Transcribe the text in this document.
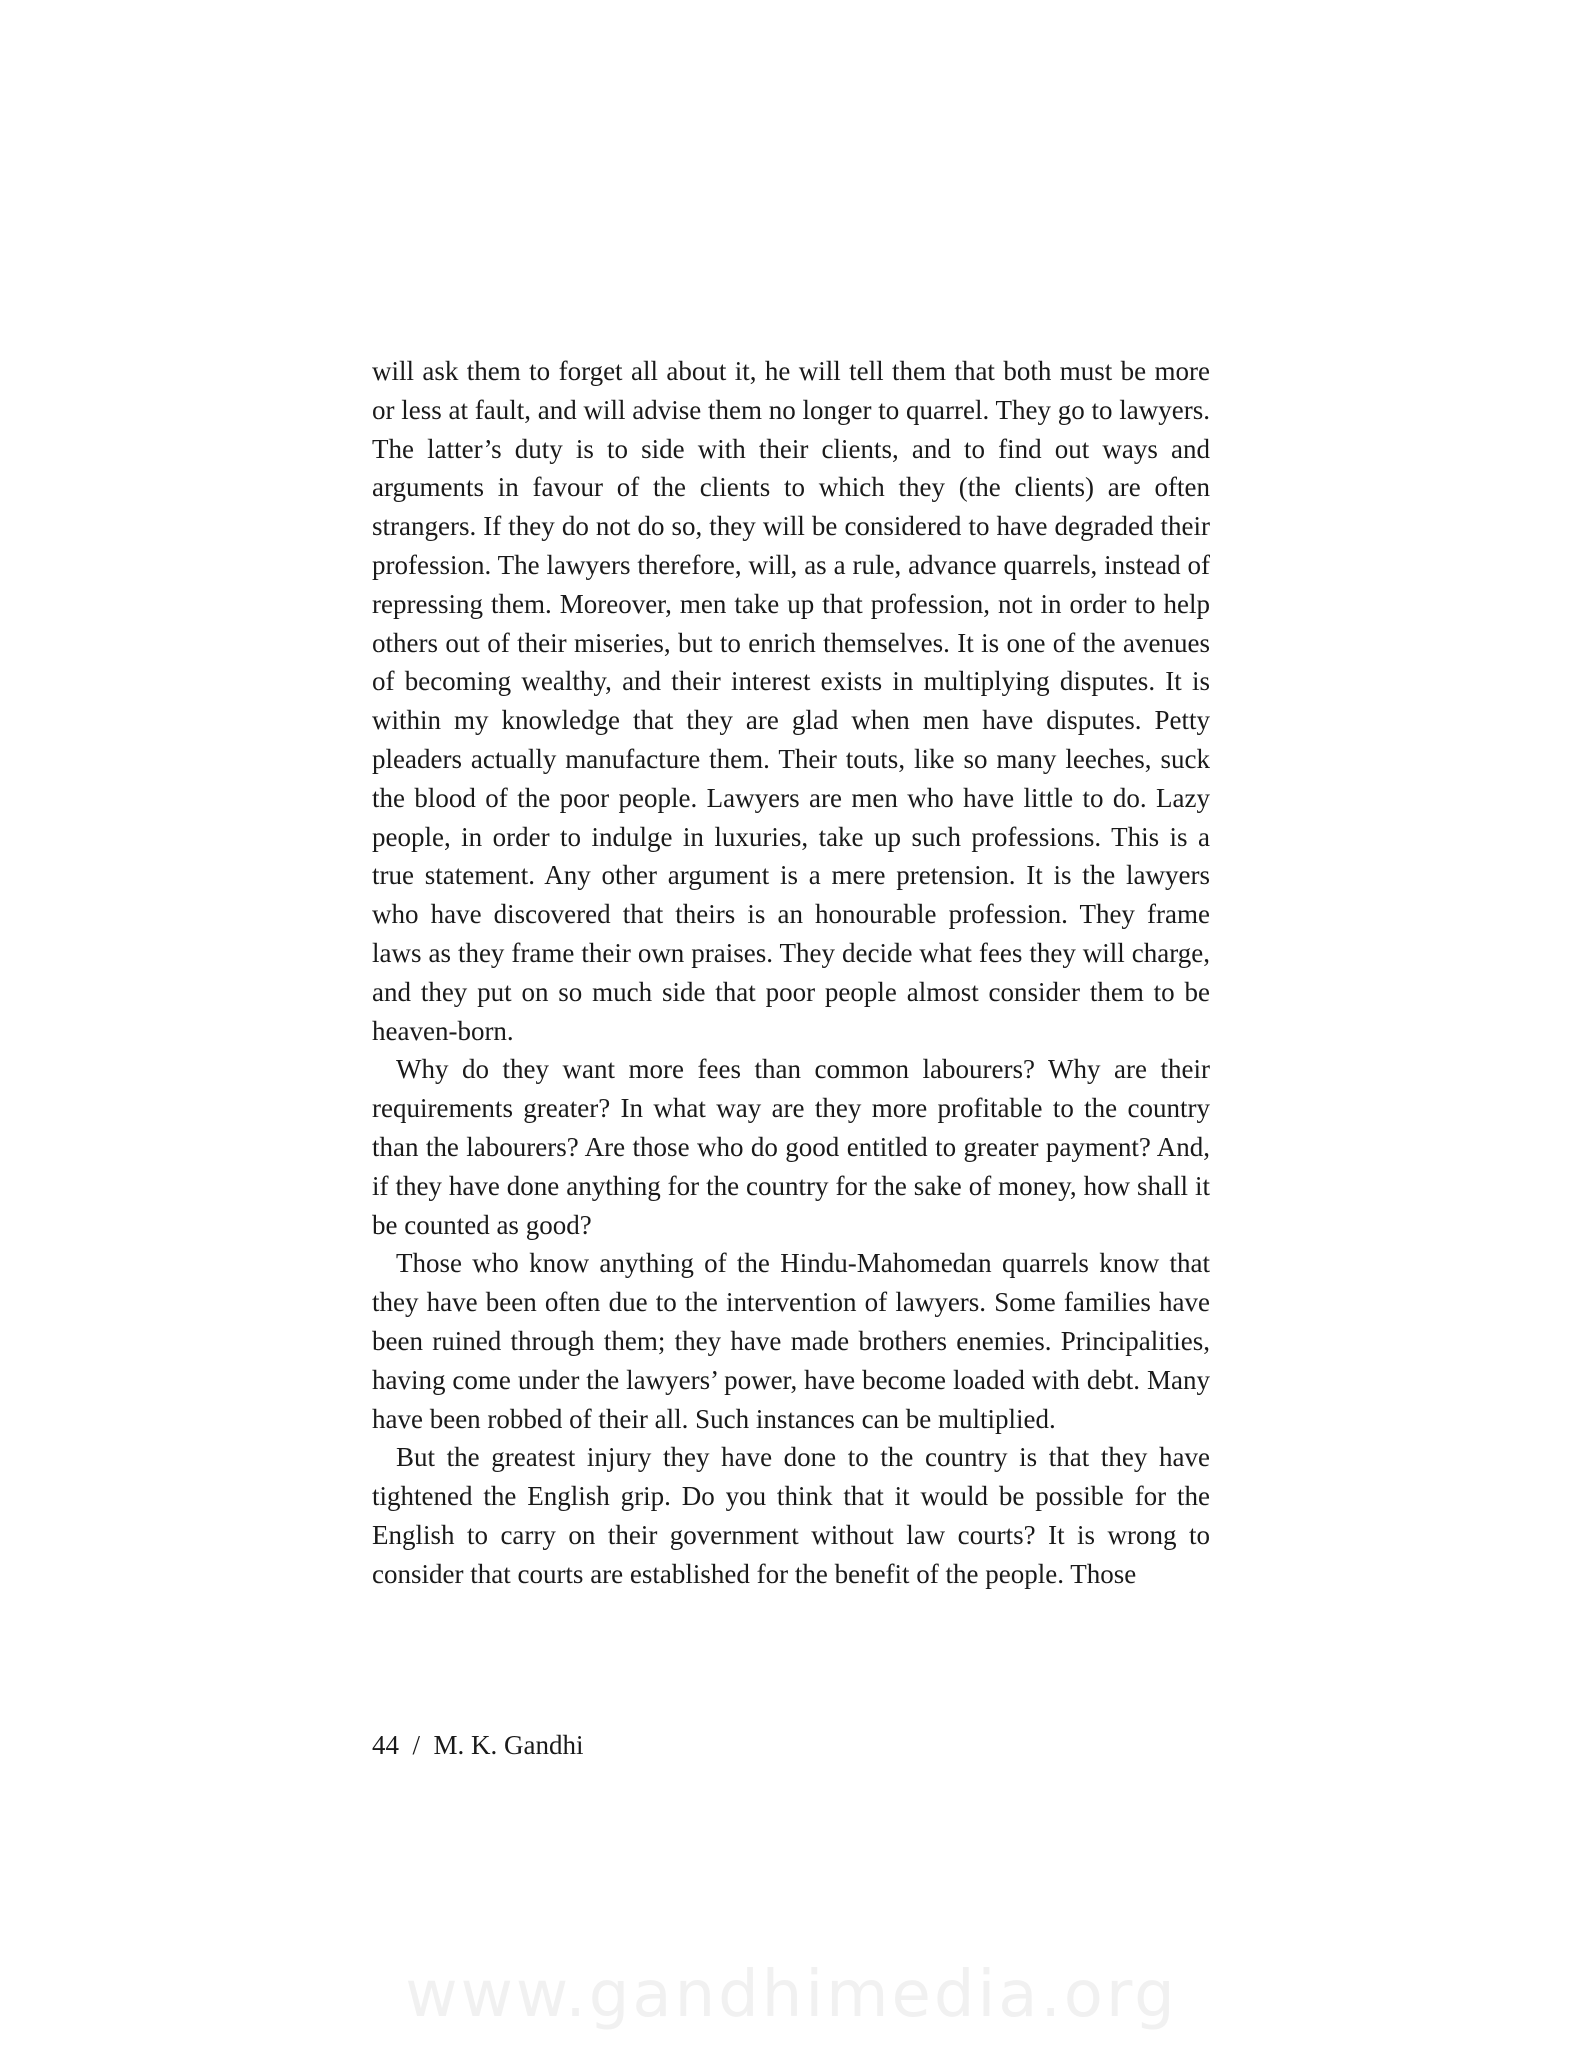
will ask them to forget all about it, he will tell them that both must be more or less at fault, and will advise them no longer to quarrel. They go to lawyers. The latter’s duty is to side with their clients, and to find out ways and arguments in favour of the clients to which they (the clients) are often strangers. If they do not do so, they will be considered to have degraded their profession. The lawyers therefore, will, as a rule, advance quarrels, instead of repressing them. Moreover, men take up that profession, not in order to help others out of their miseries, but to enrich themselves. It is one of the avenues of becoming wealthy, and their interest exists in multiplying disputes. It is within my knowledge that they are glad when men have disputes. Petty pleaders actually manufacture them. Their touts, like so many leeches, suck the blood of the poor people. Lawyers are men who have little to do. Lazy people, in order to indulge in luxuries, take up such professions. This is a true statement. Any other argument is a mere pretension. It is the lawyers who have discovered that theirs is an honourable profession. They frame laws as they frame their own praises. They decide what fees they will charge, and they put on so much side that poor people almost consider them to be heaven-born.

Why do they want more fees than common labourers? Why are their requirements greater? In what way are they more profitable to the country than the labourers? Are those who do good entitled to greater payment? And, if they have done anything for the country for the sake of money, how shall it be counted as good?

Those who know anything of the Hindu-Mahomedan quarrels know that they have been often due to the intervention of lawyers. Some families have been ruined through them; they have made brothers enemies. Principalities, having come under the lawyers’ power, have become loaded with debt. Many have been robbed of their all. Such instances can be multiplied.

But the greatest injury they have done to the country is that they have tightened the English grip. Do you think that it would be possible for the English to carry on their government without law courts? It is wrong to consider that courts are established for the benefit of the people. Those

44  /  M. K. Gandhi
www.gandhimedia.org
